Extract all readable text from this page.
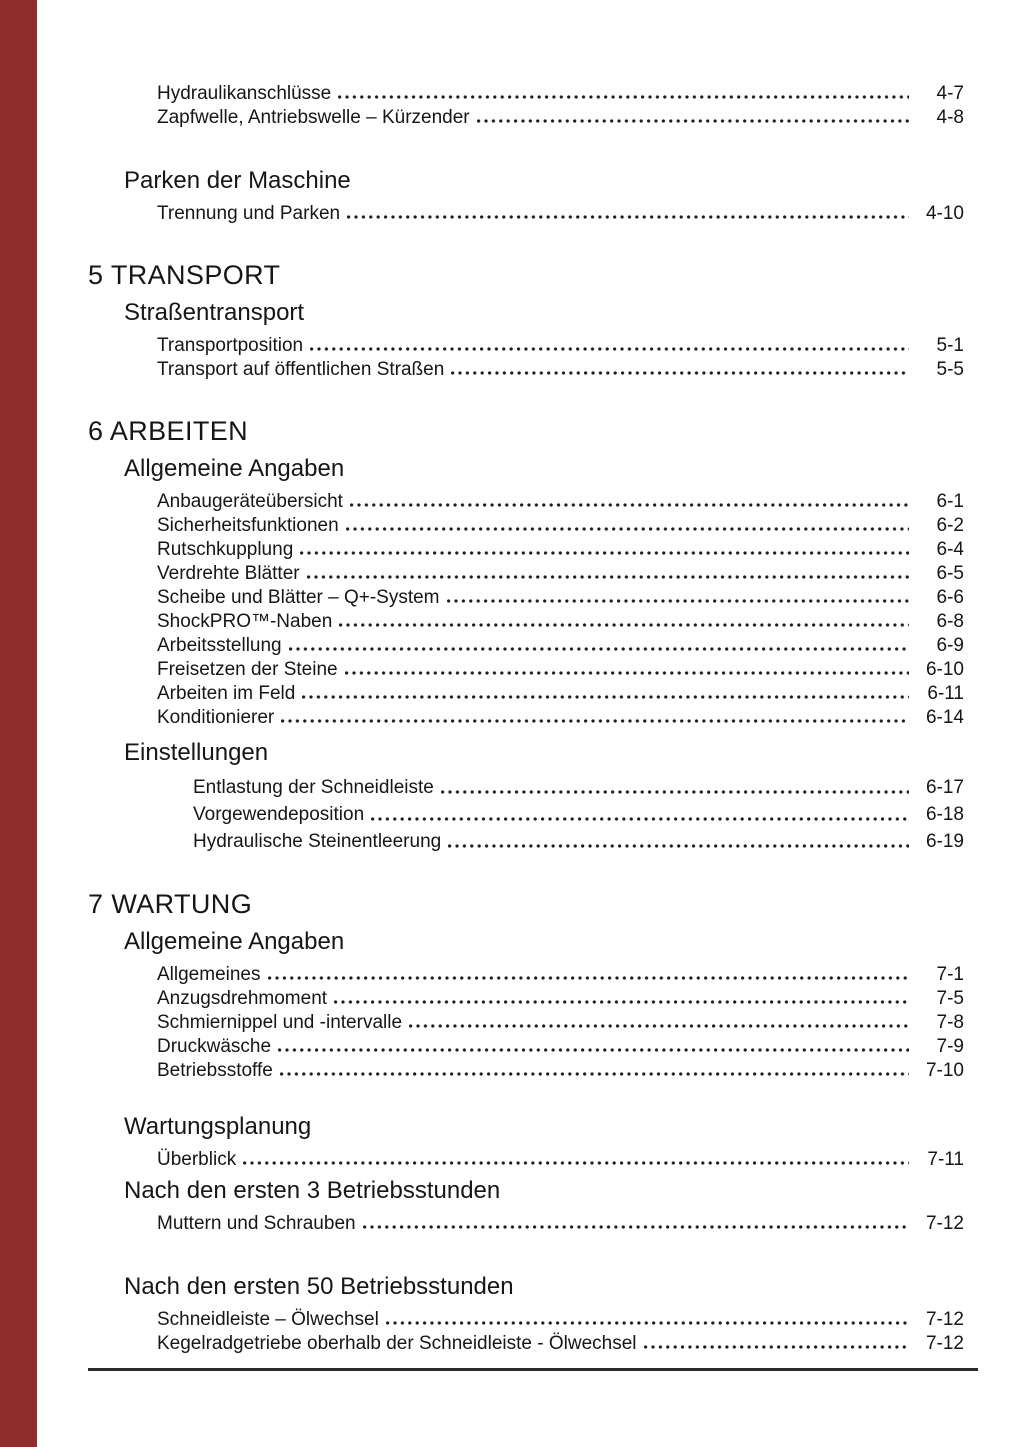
Hydraulikanschlüsse	4-7
Zapfwelle, Antriebswelle – Kürzender	4-8
Parken der Maschine
Trennung und Parken	4-10
5 TRANSPORT
Straßentransport
Transportposition	5-1
Transport auf öffentlichen Straßen	5-5
6 ARBEITEN
Allgemeine Angaben
Anbaugeräteübersicht	6-1
Sicherheitsfunktionen	6-2
Rutschkupplung	6-4
Verdrehte Blätter	6-5
Scheibe und Blätter – Q+-System	6-6
ShockPRO™-Naben	6-8
Arbeitsstellung	6-9
Freisetzen der Steine	6-10
Arbeiten im Feld	6-11
Konditionierer	6-14
Einstellungen
Entlastung der Schneidleiste	6-17
Vorgewendeposition	6-18
Hydraulische Steinentleerung	6-19
7 WARTUNG
Allgemeine Angaben
Allgemeines	7-1
Anzugsdrehmoment	7-5
Schmiernippel und -intervalle	7-8
Druckwäsche	7-9
Betriebsstoffe	7-10
Wartungsplanung
Überblick	7-11
Nach den ersten 3 Betriebsstunden
Muttern und Schrauben	7-12
Nach den ersten 50 Betriebsstunden
Schneidleiste – Ölwechsel	7-12
Kegelradgetriebe oberhalb der Schneidleiste - Ölwechsel	7-12
